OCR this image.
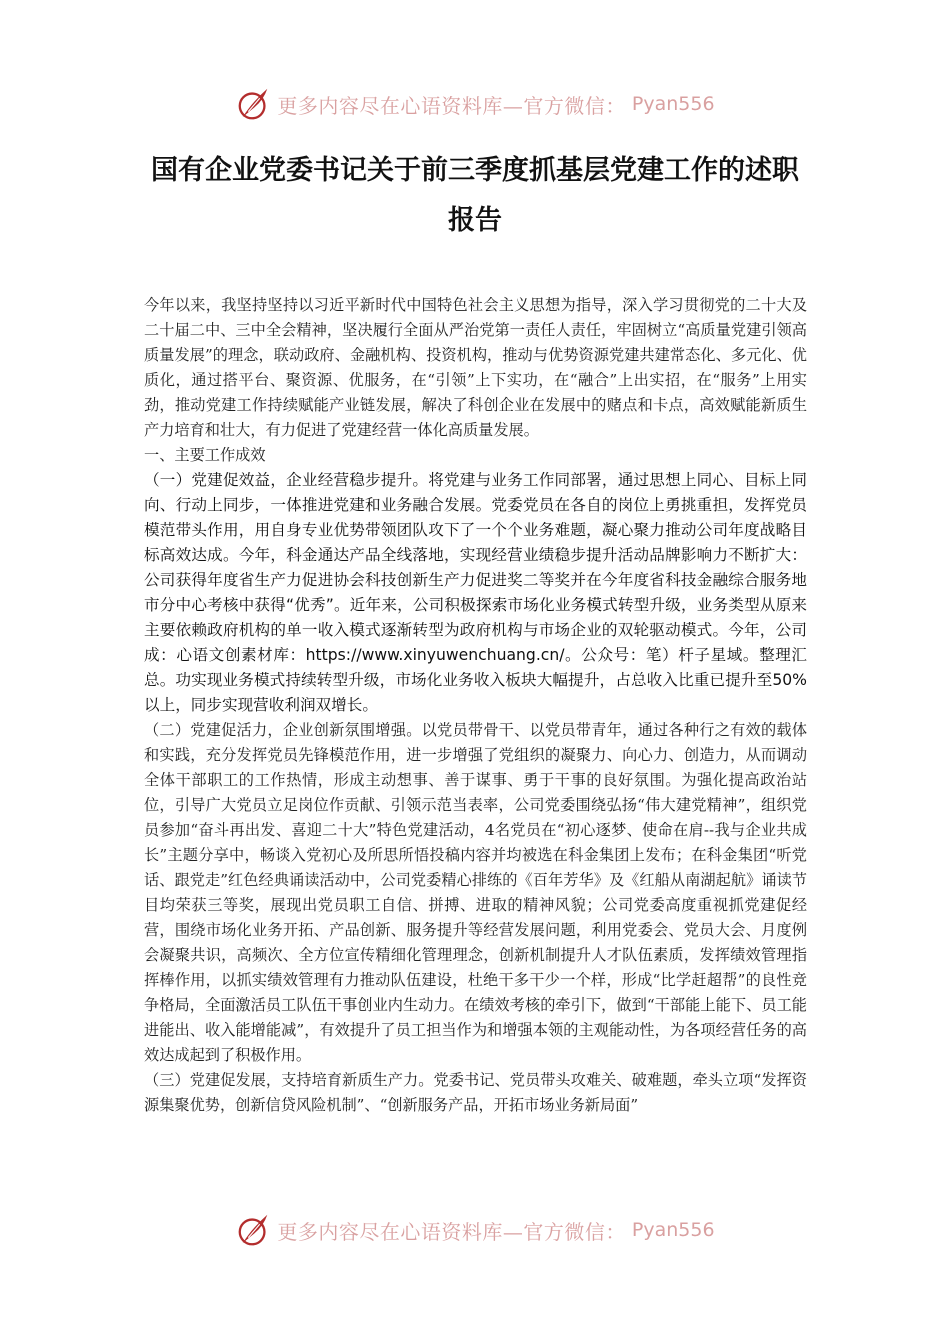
更多内容尽在心语资料库—官方微信： Pyan556
国有企业党委书记关于前三季度抓基层党建工作的述职报告

今年以来，我坚持坚持以习近平新时代中国特色社会主义思想为指导，深入学习贯彻党的二十大及二十届二中、三中全会精神，坚决履行全面从严治党第一责任人责任，牢固树立“高质量党建引领高质量发展”的理念，联动政府、金融机构、投资机构，推动与优势资源党建共建常态化、多元化、优质化，通过搭平台、聚资源、优服务，在“引领”上下实功，在“融合”上出实招，在“服务”上用实劲，推动党建工作持续赋能产业链发展，解决了科创企业在发展中的赌点和卡点，高效赋能新质生产力培育和壮大，有力促进了党建经营一体化高质量发展。

一、主要工作成效

（一）党建促效益，企业经营稳步提升。将党建与业务工作同部署，通过思想上同心、目标上同向、行动上同步，一体推进党建和业务融合发展。党委党员在各自的岗位上勇挑重担，发挥党员模范带头作用，用自身专业优势带领团队攻下了一个个业务难题，凝心聚力推动公司年度战略目标高效达成。今年，科金通达产品全线落地，实现经营业绩稳步提升活动品牌影响力不断扩大：公司获得年度省生产力促进协会科技创新生产力促进奖二等奖并在今年度省科技金融综合服务地市分中心考核中获得“优秀”。近年来，公司积极探索市场化业务模式转型升级，业务类型从原来主要依赖政府机构的单一收入模式逐渐转型为政府机构与市场企业的双轮驱动模式。今年，公司成：心语文创素材库：https://www.xinyuwenchuang.cn/。公众号：笔）杆子星域。整理汇总。功实现业务模式持续转型升级，市场化业务收入板块大幅提升，占总收入比重已提升至50%以上，同步实现营收利润双增长。

（二）党建促活力，企业创新氛围增强。以党员带骨干、以党员带青年，通过各种行之有效的载体和实践，充分发挥党员先锋模范作用，进一步增强了党组织的凝聚力、向心力、创造力，从而调动全体干部职工的工作热情，形成主动想事、善于谋事、勇于干事的良好氛围。为强化提高政治站位，引导广大党员立足岗位作贡献、引领示范当表率，公司党委围绕弘扬“伟大建党精神”，组织党员参加“奋斗再出发、喜迎二十大”特色党建活动，4名党员在“初心逐梦、使命在肩--我与企业共成长”主题分享中，畅谈入党初心及所思所悟投稿内容并均被选在科金集团上发布；在科金集团“听党话、跟党走”红色经典诵读活动中，公司党委精心排练的《百年芳华》及《红船从南湖起航》诵读节目均荣获三等奖，展现出党员职工自信、拼搏、进取的精神风貌；公司党委高度重视抓党建促经营，围绕市场化业务开拓、产品创新、服务提升等经营发展问题，利用党委会、党员大会、月度例会凝聚共识，高频次、全方位宣传精细化管理理念，创新机制提升人才队伍素质，发挥绩效管理指挥棒作用，以抓实绩效管理有力推动队伍建设，杜绝干多干少一个样，形成“比学赶超帮”的良性竞争格局，全面激活员工队伍干事创业内生动力。在绩效考核的牵引下，做到“干部能上能下、员工能进能出、收入能增能减”，有效提升了员工担当作为和增强本领的主观能动性，为各项经营任务的高效达成起到了积极作用。

（三）党建促发展，支持培育新质生产力。党委书记、党员带头攻难关、破难题，牵头立项“发挥资源集聚优势，创新信贷风险机制”、“创新服务产品，开拓市场业务新局面”

更多内容尽在心语资料库—官方微信： Pyan556
